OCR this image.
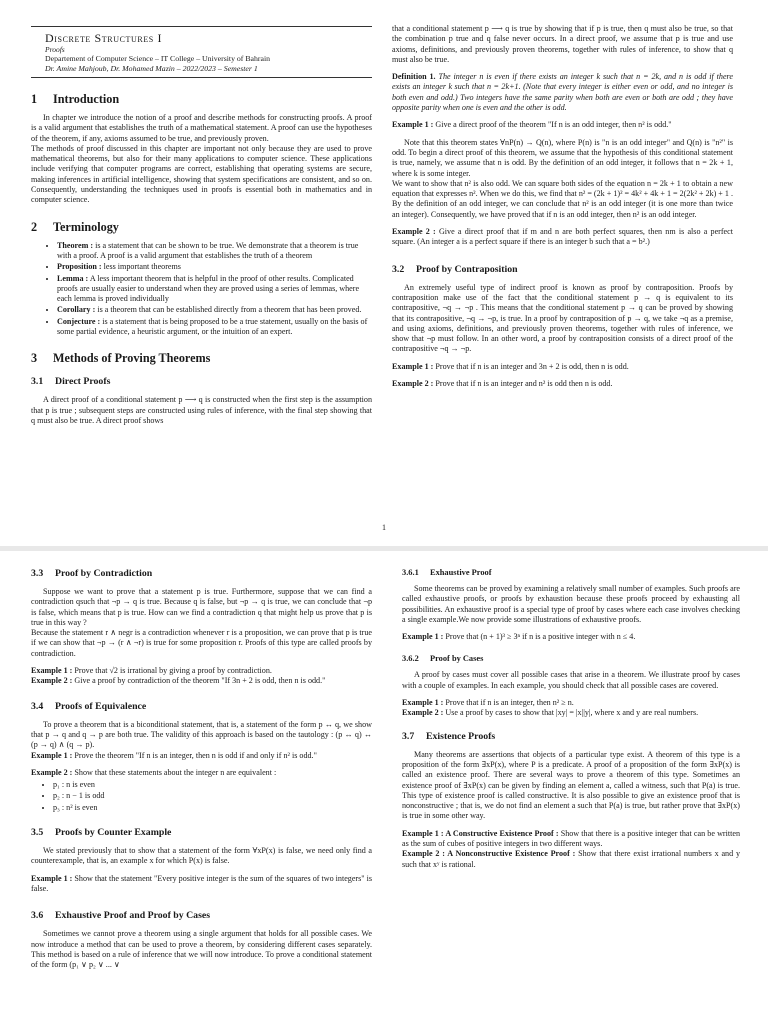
Discrete Structures I
Proofs
Departement of Computer Science – IT College – University of Bahrain
Dr. Amine Mahjoub, Dr. Mohamed Mazin – 2022/2023 – Semester 1
1 Introduction

In chapter we introduce the notion of a proof and describe methods for constructing proofs. A proof is a valid argument that establishes the truth of a mathematical statement. A proof can use the hypotheses of the theorem, if any, axioms assumed to be true, and previously proven.

The methods of proof discussed in this chapter are important not only because they are used to prove mathematical theorems, but also for their many applications to computer science. These applications include verifying that computer programs are correct, establishing that operating systems are secure, making inferences in artificial intelligence, showing that system specifications are consistent, and so on. Consequently, understanding the techniques used in proofs is essential both in mathematics and in computer science.

2 Terminology
• Theorem : is a statement that can be shown to be true. We demonstrate that a theorem is true with a proof. A proof is a valid argument that establishes the truth of a theorem
• Proposition : less important theorems
• Lemma : A less important theorem that is helpful in the proof of other results. Complicated proofs are usually easier to understand when they are proved using a series of lemmas, where each lemma is proved individually
• Corollary : is a theorem that can be established directly from a theorem that has been proved.
• Conjecture : is a statement that is being proposed to be a true statement, usually on the basis of some partial evidence, a heuristic argument, or the intuition of an expert.
3 Methods of Proving Theorems
3.1 Direct Proofs

A direct proof of a conditional statement p ⟶ q is constructed when the first step is the assumption that p is true ; subsequent steps are constructed using rules of inference, with the final step showing that q must also be true. A direct proof shows

that a conditional statement p ⟶ q is true by showing that if p is true, then q must also be true, so that the combination p true and q false never occurs. In a direct proof, we assume that p is true and use axioms, definitions, and previously proven theorems, together with rules of inference, to show that q must also be true.

Definition 1. The integer n is even if there exists an integer k such that n = 2k, and n is odd if there exists an integer k such that n = 2k+1. (Note that every integer is either even or odd, and no integer is both even and odd.) Two integers have the same parity when both are even or both are odd ; they have opposite parity when one is even and the other is odd.

Example 1 : Give a direct proof of the theorem "If n is an odd integer, then n² is odd."

Note that this theorem states ∀nP(n) → Q(n), where P(n) is "n is an odd integer" and Q(n) is "n²" is odd. To begin a direct proof of this theorem, we assume that the hypothesis of this conditional statement is true, namely, we assume that n is odd. By the definition of an odd integer, it follows that n = 2k + 1, where k is some integer.

We want to show that n² is also odd. We can square both sides of the equation n = 2k + 1 to obtain a new equation that expresses n². When we do this, we find that n² = (2k + 1)² = 4k² + 4k + 1 = 2(2k² + 2k) + 1 . By the definition of an odd integer, we can conclude that n² is an odd integer (it is one more than twice an integer). Consequently, we have proved that if n is an odd integer, then n² is an odd integer.

Example 2 : Give a direct proof that if m and n are both perfect squares, then nm is also a perfect square. (An integer a is a perfect square if there is an integer b such that a = b².)

3.2 Proof by Contraposition

An extremely useful type of indirect proof is known as proof by contraposition. Proofs by contraposition make use of the fact that the conditional statement p → q is equivalent to its contrapositive, ¬q → ¬p . This means that the conditional statement p → q can be proved by showing that its contrapositive, ¬q → ¬p, is true. In a proof by contraposition of p → q, we take ¬q as a premise, and using axioms, definitions, and previously proven theorems, together with rules of inference, we show that ¬p must follow. In an other word, a proof by contraposition consists of a direct proof of the contrapositive ¬q → ¬p.

Example 1 : Prove that if n is an integer and 3n + 2 is odd, then n is odd.

Example 2 : Prove that if n is an integer and n² is odd then n is odd.

1
3.3 Proof by Contradiction

Suppose we want to prove that a statement p is true. Furthermore, suppose that we can find a contradiction qsuch that ¬p → q is true. Because q is false, but ¬p → q is true, we can conclude that ¬p is false, which means that p is true. How can we find a contradiction q that might help us prove that p is true in this way ?

Because the statement r ∧ negr is a contradiction whenever r is a proposition, we can prove that p is true if we can show that ¬p → (r ∧ ¬r) is true for some proposition r. Proofs of this type are called proofs by contradiction.

Example 1 : Prove that √2 is irrational by giving a proof by contradiction.

Example 2 : Give a proof by contradiction of the theorem "If 3n + 2 is odd, then n is odd."

3.4 Proofs of Equivalence

To prove a theorem that is a biconditional statement, that is, a statement of the form p ↔ q, we show that p → q and q → p are both true. The validity of this approach is based on the tautology : (p ↔ q) ↔ (p → q) ∧ (q → p).

Example 1 : Prove the theorem "If n is an integer, then n is odd if and only if n² is odd."

Example 2 : Show that these statements about the integer n are equivalent :

• p₁ : n is even
• p₂ : n − 1 is odd
• p₃ : n² is even
3.5 Proofs by Counter Example

We stated previously that to show that a statement of the form ∀xP(x) is false, we need only find a counterexample, that is, an example x for which P(x) is false.

Example 1 : Show that the statement "Every positive integer is the sum of the squares of two integers" is false.

3.6 Exhaustive Proof and Proof by Cases

Sometimes we cannot prove a theorem using a single argument that holds for all possible cases. We now introduce a method that can be used to prove a theorem, by considering different cases separately. This method is based on a rule of inference that we will now introduce. To prove a conditional statement of the form (p₁ ∨ p₂ ∨ ... ∨

3.6.1 Exhaustive Proof

Some theorems can be proved by examining a relatively small number of examples. Such proofs are called exhaustive proofs, or proofs by exhaustion because these proofs proceed by exhausting all possibilities. An exhaustive proof is a special type of proof by cases where each case involves checking a single example.We now provide some illustrations of exhaustive proofs.

Example 1 : Prove that (n + 1)³ ≥ 3ⁿ if n is a positive integer with n ≤ 4.

3.6.2 Proof by Cases

A proof by cases must cover all possible cases that arise in a theorem. We illustrate proof by cases with a couple of examples. In each example, you should check that all possible cases are covered.

Example 1 : Prove that if n is an integer, then n² ≥ n.

Example 2 : Use a proof by cases to show that |xy| = |x||y|, where x and y are real numbers.

3.7 Existence Proofs

Many theorems are assertions that objects of a particular type exist. A theorem of this type is a proposition of the form ∃xP(x), where P is a predicate. A proof of a proposition of the form ∃xP(x) is called an existence proof. There are several ways to prove a theorem of this type. Sometimes an existence proof of ∃xP(x) can be given by finding an element a, called a witness, such that P(a) is true. This type of existence proof is called constructive. It is also possible to give an existence proof that is nonconstructive ; that is, we do not find an element a such that P(a) is true, but rather prove that ∃xP(x) is true in some other way.

Example 1 : A Constructive Existence Proof : Show that there is a positive integer that can be written as the sum of cubes of positive integers in two different ways.

Example 2 : A Nonconstructive Existence Proof : Show that there exist irrational numbers x and y such that xʸ is rational.
